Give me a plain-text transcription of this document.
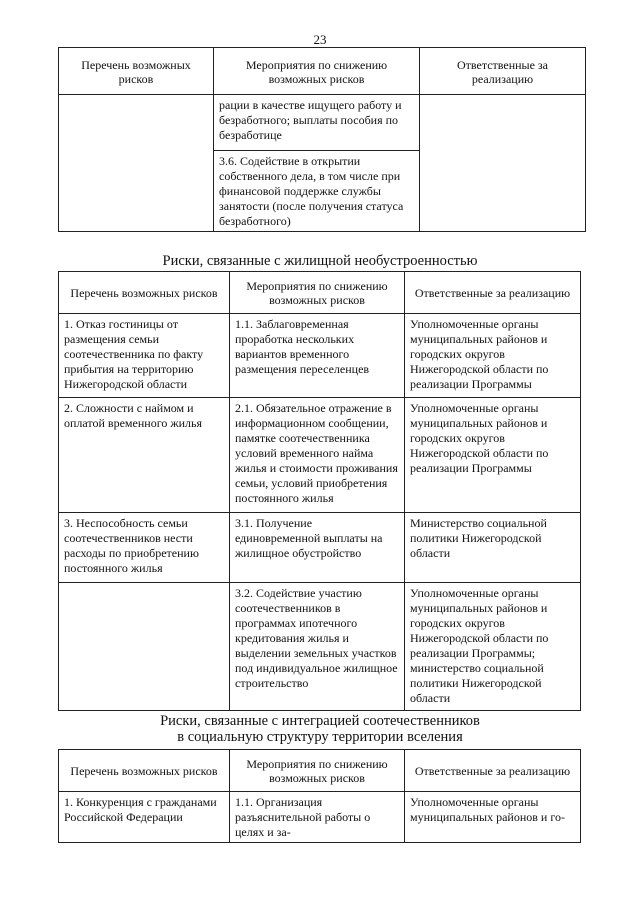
23
Перечень возможных рисков	Мероприятия по снижению возможных рисков	Ответственные за реализацию
	рации в качестве ищущего работу и безработного; выплаты пособия по безработице	
	3.6. Содействие в открытии собственного дела, в том числе при финансовой поддержке службы занятости (после получения статуса безработного)	
Риски, связанные с жилищной необустроенностью
Перечень возможных рисков	Мероприятия по снижению возможных рисков	Ответственные за реализацию
1. Отказ гостиницы от размещения семьи соотечественника по факту прибытия на территорию Нижегородской области	1.1. Заблаговременная проработка нескольких вариантов временного размещения переселенцев	Уполномоченные органы муниципальных районов и городских округов Нижегородской области по реализации Программы
2. Сложности с наймом и оплатой временного жилья	2.1. Обязательное отражение в информационном сообщении, памятке соотечественника условий временного найма жилья и стоимости проживания семьи, условий приобретения постоянного жилья	Уполномоченные органы муниципальных районов и городских округов Нижегородской области по реализации Программы
3. Неспособность семьи соотечественников нести расходы по приобретению постоянного жилья	3.1. Получение единовременной выплаты на жилищное обустройство	Министерство социальной политики Нижегородской области
	3.2. Содействие участию соотечественников в программах ипотечного кредитования жилья и выделении земельных участков под индивидуальное жилищное строительство	Уполномоченные органы муниципальных районов и городских округов Нижегородской области по реализации Программы; министерство социальной политики Нижегородской области
Риски, связанные с интеграцией соотечественников
в социальную структуру территории вселения
Перечень возможных рисков	Мероприятия по снижению возможных рисков	Ответственные за реализацию
1. Конкуренция с гражданами Российской Федерации	1.1. Организация разъяснительной работы о целях и за-	Уполномоченные органы муниципальных районов и го-
